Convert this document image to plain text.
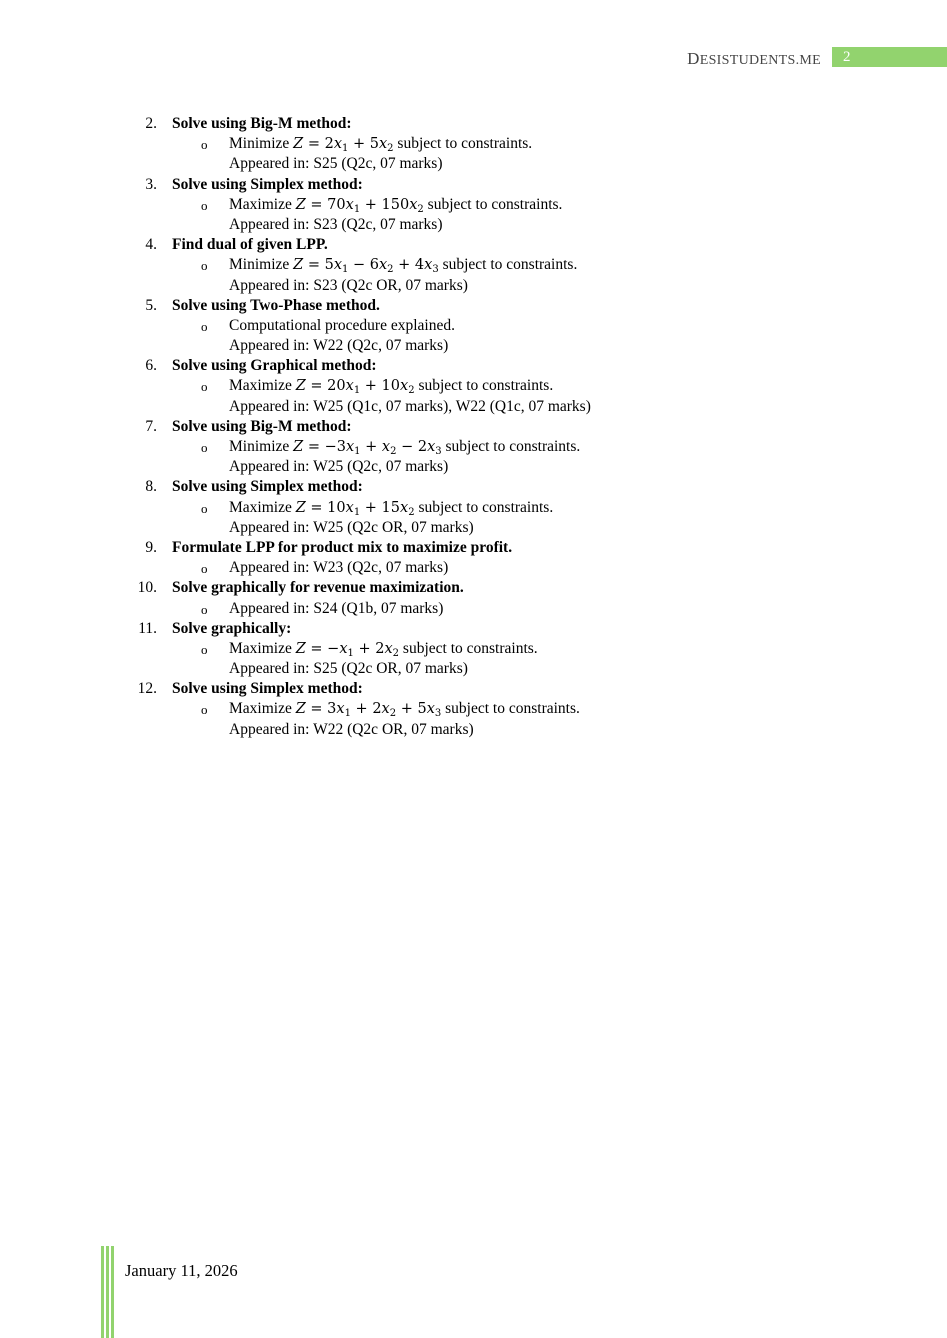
DESISTUDENTS.ME	2
2. Solve using Big-M method:
o Minimize $Z = 2x_1 + 5x_2$ subject to constraints.
Appeared in: S25 (Q2c, 07 marks)
3. Solve using Simplex method:
o Maximize $Z = 70x_1 + 150x_2$ subject to constraints.
Appeared in: S23 (Q2c, 07 marks)
4. Find dual of given LPP.
o Minimize $Z = 5x_1 - 6x_2 + 4x_3$ subject to constraints.
Appeared in: S23 (Q2c OR, 07 marks)
5. Solve using Two-Phase method.
o Computational procedure explained.
Appeared in: W22 (Q2c, 07 marks)
6. Solve using Graphical method:
o Maximize $Z = 20x_1 + 10x_2$ subject to constraints.
Appeared in: W25 (Q1c, 07 marks), W22 (Q1c, 07 marks)
7. Solve using Big-M method:
o Minimize $Z = -3x_1 + x_2 - 2x_3$ subject to constraints.
Appeared in: W25 (Q2c, 07 marks)
8. Solve using Simplex method:
o Maximize $Z = 10x_1 + 15x_2$ subject to constraints.
Appeared in: W25 (Q2c OR, 07 marks)
9. Formulate LPP for product mix to maximize profit.
o Appeared in: W23 (Q2c, 07 marks)
10. Solve graphically for revenue maximization.
o Appeared in: S24 (Q1b, 07 marks)
11. Solve graphically:
o Maximize $Z = -x_1 + 2x_2$ subject to constraints.
Appeared in: S25 (Q2c OR, 07 marks)
12. Solve using Simplex method:
o Maximize $Z = 3x_1 + 2x_2 + 5x_3$ subject to constraints.
Appeared in: W22 (Q2c OR, 07 marks)
January 11, 2026
